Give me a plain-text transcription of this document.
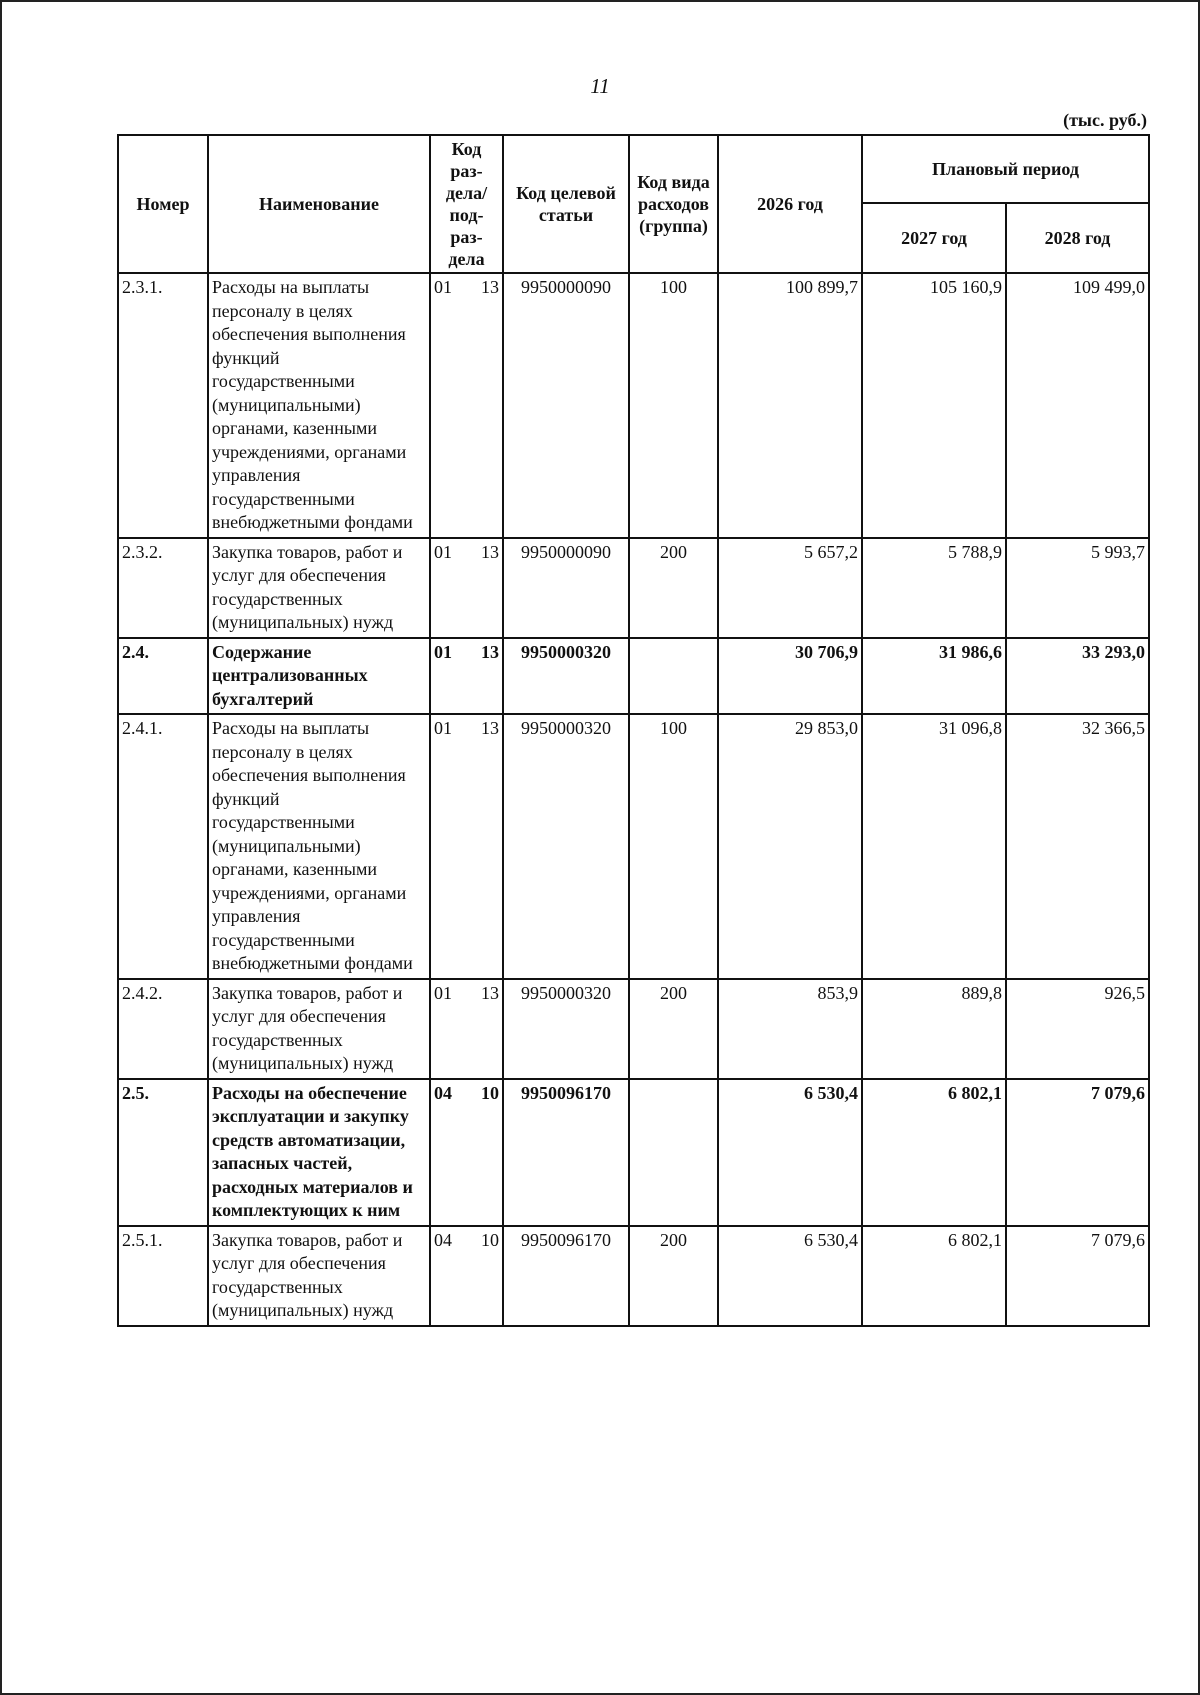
11
(тыс. руб.)
Номер	Наименование	Код раз-дела/ под-раз-дела	Код целевой статьи	Код вида расходов (группа)	2026 год	Плановый период	
						2027 год	2028 год
2.3.1.	Расходы на выплаты персоналу в целях обеспечения выполнения функций государственными (муниципальными) органами, казенными учреждениями, органами управления государственными внебюджетными фондами	01 13	9950000090	100	100 899,7	105 160,9	109 499,0
2.3.2.	Закупка товаров, работ и услуг для обеспечения государственных (муниципальных) нужд	01 13	9950000090	200	5 657,2	5 788,9	5 993,7
2.4.	Содержание централизованных бухгалтерий	01 13	9950000320		30 706,9	31 986,6	33 293,0
2.4.1.	Расходы на выплаты персоналу в целях обеспечения выполнения функций государственными (муниципальными) органами, казенными учреждениями, органами управления государственными внебюджетными фондами	01 13	9950000320	100	29 853,0	31 096,8	32 366,5
2.4.2.	Закупка товаров, работ и услуг для обеспечения государственных (муниципальных) нужд	01 13	9950000320	200	853,9	889,8	926,5
2.5.	Расходы на обеспечение эксплуатации и закупку средств автоматизации, запасных частей, расходных материалов и комплектующих к ним	04 10	9950096170		6 530,4	6 802,1	7 079,6
2.5.1.	Закупка товаров, работ и услуг для обеспечения государственных (муниципальных) нужд	04 10	9950096170	200	6 530,4	6 802,1	7 079,6
